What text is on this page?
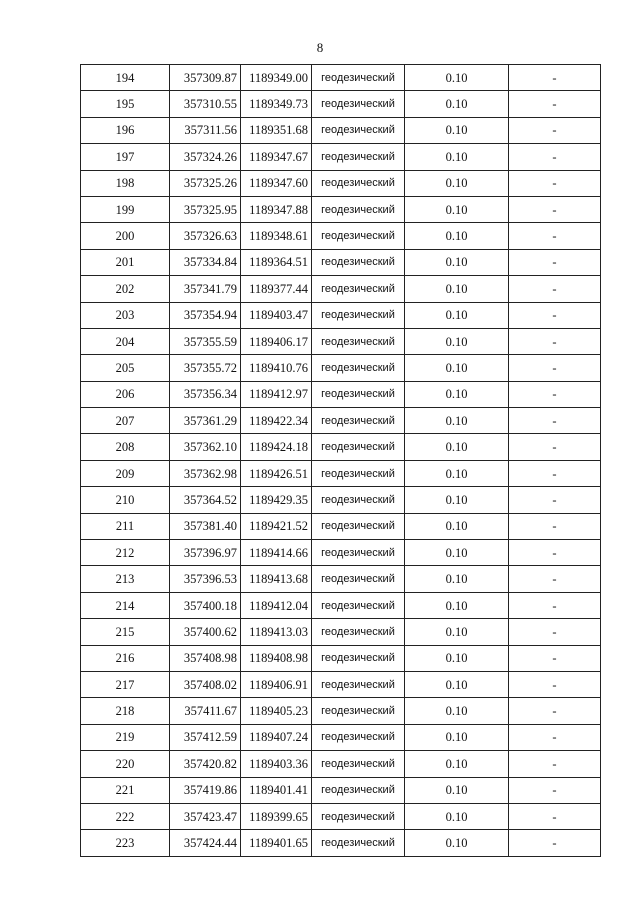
8
194	357309.87	1189349.00	геодезический	0.10	-
195	357310.55	1189349.73	геодезический	0.10	-
196	357311.56	1189351.68	геодезический	0.10	-
197	357324.26	1189347.67	геодезический	0.10	-
198	357325.26	1189347.60	геодезический	0.10	-
199	357325.95	1189347.88	геодезический	0.10	-
200	357326.63	1189348.61	геодезический	0.10	-
201	357334.84	1189364.51	геодезический	0.10	-
202	357341.79	1189377.44	геодезический	0.10	-
203	357354.94	1189403.47	геодезический	0.10	-
204	357355.59	1189406.17	геодезический	0.10	-
205	357355.72	1189410.76	геодезический	0.10	-
206	357356.34	1189412.97	геодезический	0.10	-
207	357361.29	1189422.34	геодезический	0.10	-
208	357362.10	1189424.18	геодезический	0.10	-
209	357362.98	1189426.51	геодезический	0.10	-
210	357364.52	1189429.35	геодезический	0.10	-
211	357381.40	1189421.52	геодезический	0.10	-
212	357396.97	1189414.66	геодезический	0.10	-
213	357396.53	1189413.68	геодезический	0.10	-
214	357400.18	1189412.04	геодезический	0.10	-
215	357400.62	1189413.03	геодезический	0.10	-
216	357408.98	1189408.98	геодезический	0.10	-
217	357408.02	1189406.91	геодезический	0.10	-
218	357411.67	1189405.23	геодезический	0.10	-
219	357412.59	1189407.24	геодезический	0.10	-
220	357420.82	1189403.36	геодезический	0.10	-
221	357419.86	1189401.41	геодезический	0.10	-
222	357423.47	1189399.65	геодезический	0.10	-
223	357424.44	1189401.65	геодезический	0.10	-
